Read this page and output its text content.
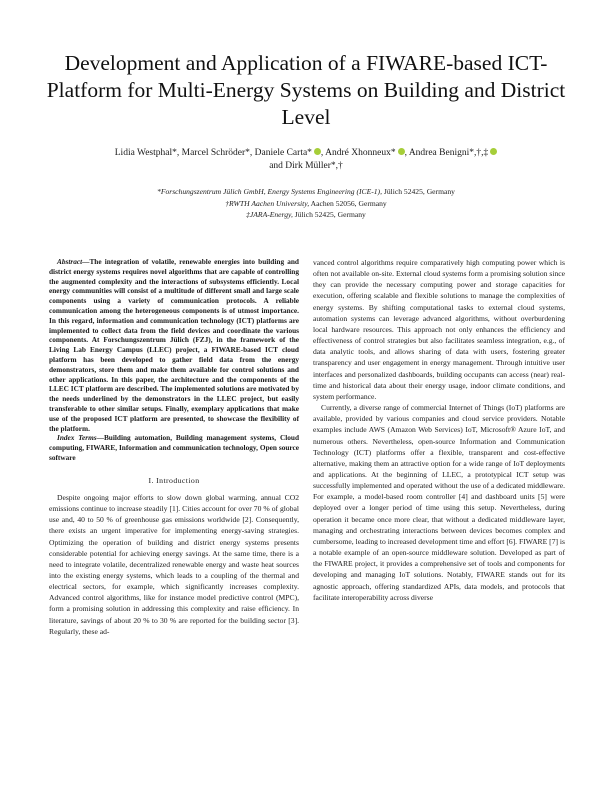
Development and Application of a FIWARE-based ICT-Platform for Multi-Energy Systems on Building and District Level
Lidia Westphal*, Marcel Schröder*, Daniele Carta* , André Xhonneux* , Andrea Benigni*,†,‡
and Dirk Müller*,†
*Forschungszentrum Jülich GmbH, Energy Systems Engineering (ICE-1), Jülich 52425, Germany
†RWTH Aachen University, Aachen 52056, Germany
‡JARA-Energy, Jülich 52425, Germany

Abstract—The integration of volatile, renewable energies into building and district energy systems requires novel algorithms that are capable of controlling the augmented complexity and the interactions of subsystems efficiently. Local energy communities will consist of a multitude of different small and large scale components using a variety of communication protocols. A reliable communication among the heterogeneous components is of utmost importance. In this regard, information and communication technology (ICT) platforms are implemented to collect data from the field devices and coordinate the various components. At Forschungszentrum Jülich (FZJ), in the framework of the Living Lab Energy Campus (LLEC) project, a FIWARE-based ICT cloud platform has been developed to gather field data from the energy demonstrators, store them and make them available for control solutions and other applications. In this paper, the architecture and the components of the LLEC ICT platform are described. The implemented solutions are motivated by the needs underlined by the demonstrators in the LLEC project, but easily transferable to other similar setups. Finally, exemplary applications that make use of the proposed ICT platform are presented, to showcase the flexibility of the platform.

Index Terms—Building automation, Building management systems, Cloud computing, FIWARE, Information and communication technology, Open source software

I. Introduction

Despite ongoing major efforts to slow down global warming, annual CO2 emissions continue to increase steadily [1]. Cities account for over 70 % of global use and, 40 to 50 % of greenhouse gas emissions worldwide [2]. Consequently, there exists an urgent imperative for implementing energy-saving strategies. Optimizing the operation of building and district energy systems presents considerable potential for achieving energy savings. At the same time, there is a need to integrate volatile, decentralized renewable energy and waste heat sources into the existing energy systems, which leads to a coupling of the thermal and electrical sectors, for example, which significantly increases complexity. Advanced control algorithms, like for instance model predictive control (MPC), form a promising solution in addressing this complexity and raise efficiency. In literature, savings of about 20 % to 30 % are reported for the building sector [3]. Regularly, these ad-

vanced control algorithms require comparatively high computing power which is often not available on-site. External cloud systems form a promising solution since they can provide the necessary computing power and storage capacities for execution, offering scalable and flexible solutions to manage the complexities of energy systems. By shifting computational tasks to external cloud systems, automation systems can leverage advanced algorithms, without overburdening local hardware resources. This approach not only enhances the efficiency and effectiveness of control strategies but also facilitates seamless integration, e.g., of data analytic tools, and allows sharing of data with users, fostering greater transparency and user engagement in energy management. Through intuitive user interfaces and personalized dashboards, building occupants can access (near) real-time and historical data about their energy usage, indoor climate conditions, and system performance.

Currently, a diverse range of commercial Internet of Things (IoT) platforms are available, provided by various companies and cloud service providers. Notable examples include AWS (Amazon Web Services) IoT, Microsoft® Azure IoT, and numerous others. Nevertheless, open-source Information and Communication Technology (ICT) platforms offer a flexible, transparent and cost-effective alternative, making them an attractive option for a wide range of IoT deployments and applications. At the beginning of LLEC, a prototypical ICT setup was successfully implemented and operated without the use of a dedicated middleware. For example, a model-based room controller [4] and dashboard units [5] were deployed over a longer period of time using this setup. Nevertheless, during operation it became once more clear, that without a dedicated middleware layer, managing and orchestrating interactions between devices becomes complex and cumbersome, leading to increased development time and effort [6]. FIWARE [7] is a notable example of an open-source middleware solution. Developed as part of the FIWARE project, it provides a comprehensive set of tools and components for developing and managing IoT solutions. Notably, FIWARE stands out for its agnostic approach, offering standardized APIs, data models, and protocols that facilitate interoperability across diverse
